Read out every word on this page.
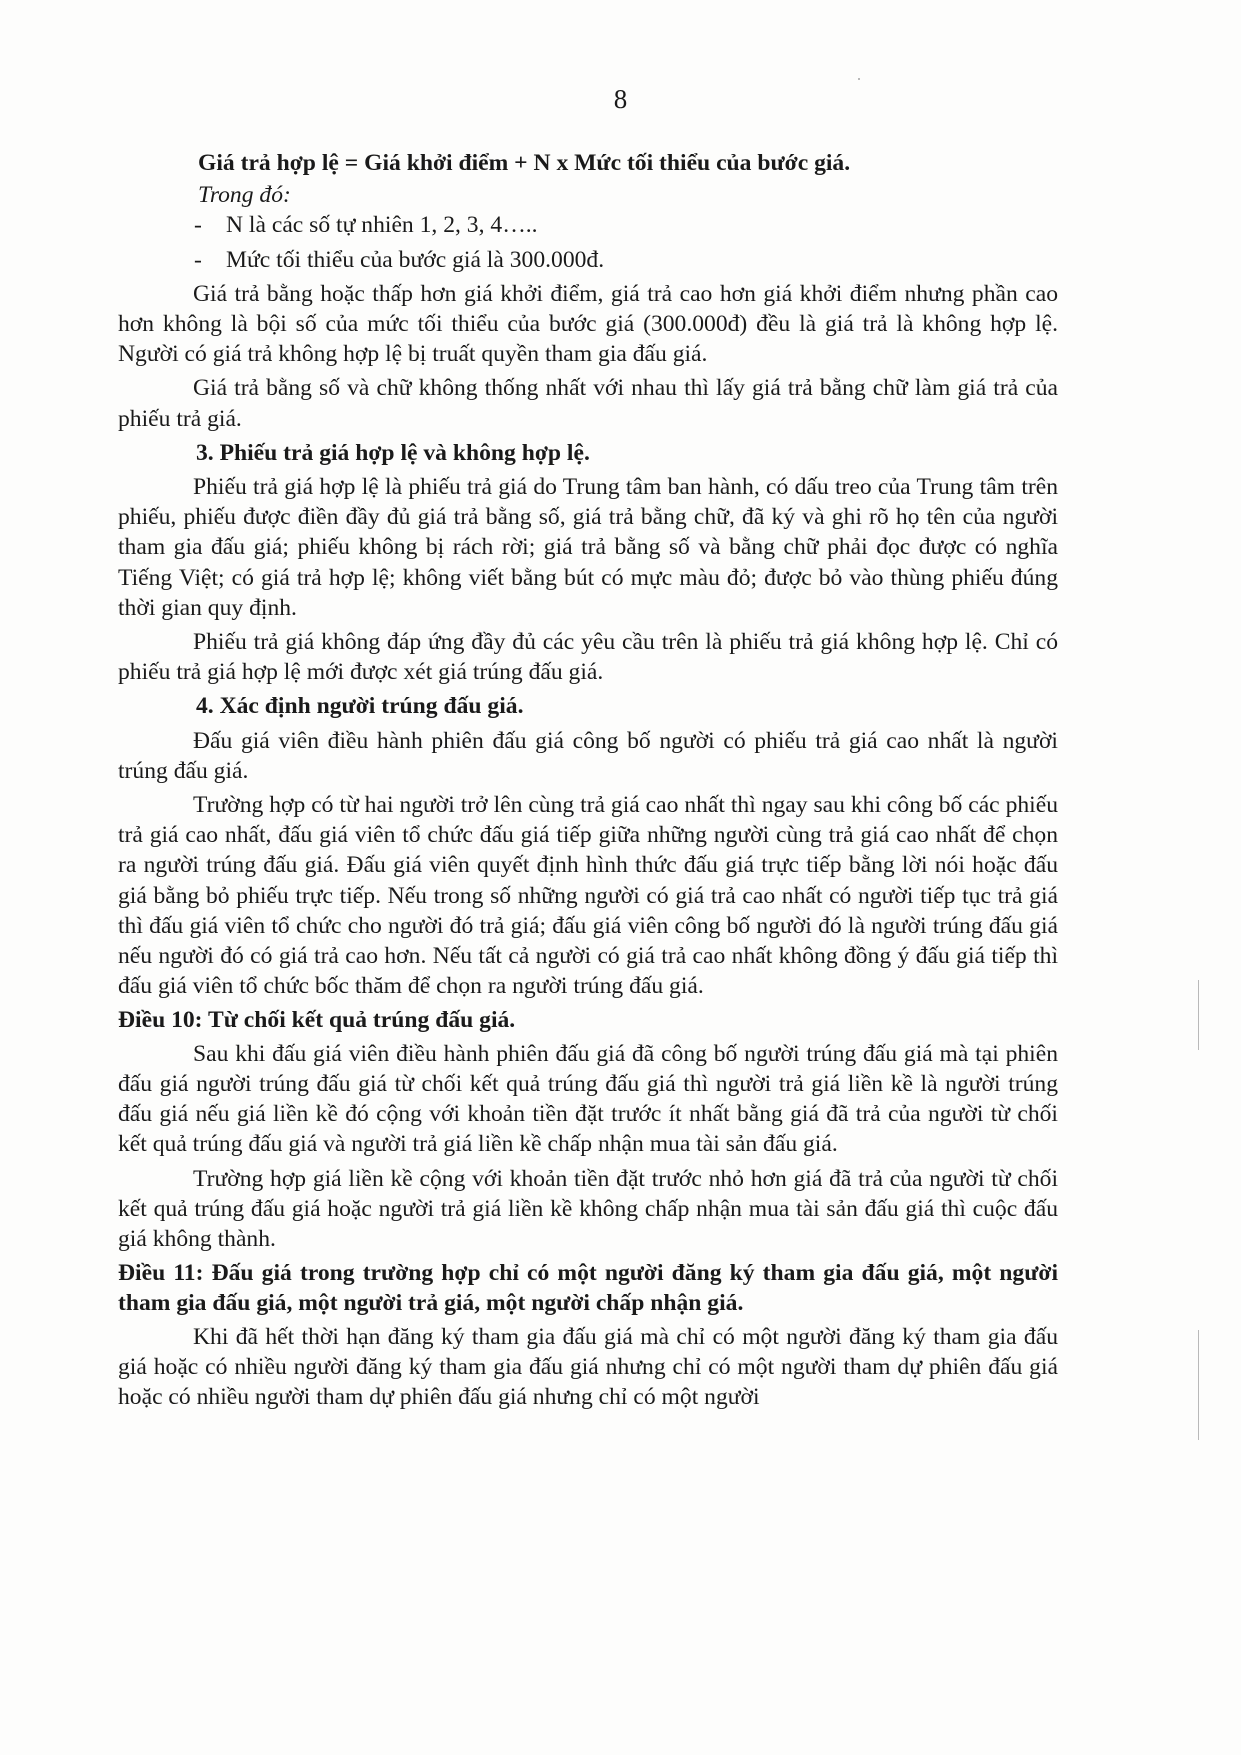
8

Giá trả hợp lệ = Giá khởi điểm + N x Mức tối thiểu của bước giá.

Trong đó:

- N là các số tự nhiên 1, 2, 3, 4…..

- Mức tối thiểu của bước giá là 300.000đ.

Giá trả bằng hoặc thấp hơn giá khởi điểm, giá trả cao hơn giá khởi điểm nhưng phần cao hơn không là bội số của mức tối thiểu của bước giá (300.000đ) đều là giá trả là không hợp lệ. Người có giá trả không hợp lệ bị truất quyền tham gia đấu giá.

Giá trả bằng số và chữ không thống nhất với nhau thì lấy giá trả bằng chữ làm giá trả của phiếu trả giá.

3. Phiếu trả giá hợp lệ và không hợp lệ.

Phiếu trả giá hợp lệ là phiếu trả giá do Trung tâm ban hành, có dấu treo của Trung tâm trên phiếu, phiếu được điền đầy đủ giá trả bằng số, giá trả bằng chữ, đã ký và ghi rõ họ tên của người tham gia đấu giá; phiếu không bị rách rời; giá trả bằng số và bằng chữ phải đọc được có nghĩa Tiếng Việt; có giá trả hợp lệ; không viết bằng bút có mực màu đỏ; được bỏ vào thùng phiếu đúng thời gian quy định.

Phiếu trả giá không đáp ứng đầy đủ các yêu cầu trên là phiếu trả giá không hợp lệ. Chỉ có phiếu trả giá hợp lệ mới được xét giá trúng đấu giá.

4. Xác định người trúng đấu giá.

Đấu giá viên điều hành phiên đấu giá công bố người có phiếu trả giá cao nhất là người trúng đấu giá.

Trường hợp có từ hai người trở lên cùng trả giá cao nhất thì ngay sau khi công bố các phiếu trả giá cao nhất, đấu giá viên tổ chức đấu giá tiếp giữa những người cùng trả giá cao nhất để chọn ra người trúng đấu giá. Đấu giá viên quyết định hình thức đấu giá trực tiếp bằng lời nói hoặc đấu giá bằng bỏ phiếu trực tiếp. Nếu trong số những người có giá trả cao nhất có người tiếp tục trả giá thì đấu giá viên tổ chức cho người đó trả giá; đấu giá viên công bố người đó là người trúng đấu giá nếu người đó có giá trả cao hơn. Nếu tất cả người có giá trả cao nhất không đồng ý đấu giá tiếp thì đấu giá viên tổ chức bốc thăm để chọn ra người trúng đấu giá.

Điều 10: Từ chối kết quả trúng đấu giá.

Sau khi đấu giá viên điều hành phiên đấu giá đã công bố người trúng đấu giá mà tại phiên đấu giá người trúng đấu giá từ chối kết quả trúng đấu giá thì người trả giá liền kề là người trúng đấu giá nếu giá liền kề đó cộng với khoản tiền đặt trước ít nhất bằng giá đã trả của người từ chối kết quả trúng đấu giá và người trả giá liền kề chấp nhận mua tài sản đấu giá.

Trường hợp giá liền kề cộng với khoản tiền đặt trước nhỏ hơn giá đã trả của người từ chối kết quả trúng đấu giá hoặc người trả giá liền kề không chấp nhận mua tài sản đấu giá thì cuộc đấu giá không thành.

Điều 11: Đấu giá trong trường hợp chỉ có một người đăng ký tham gia đấu giá, một người tham gia đấu giá, một người trả giá, một người chấp nhận giá.

Khi đã hết thời hạn đăng ký tham gia đấu giá mà chỉ có một người đăng ký tham gia đấu giá hoặc có nhiều người đăng ký tham gia đấu giá nhưng chỉ có một người tham dự phiên đấu giá hoặc có nhiều người tham dự phiên đấu giá nhưng chỉ có một người
